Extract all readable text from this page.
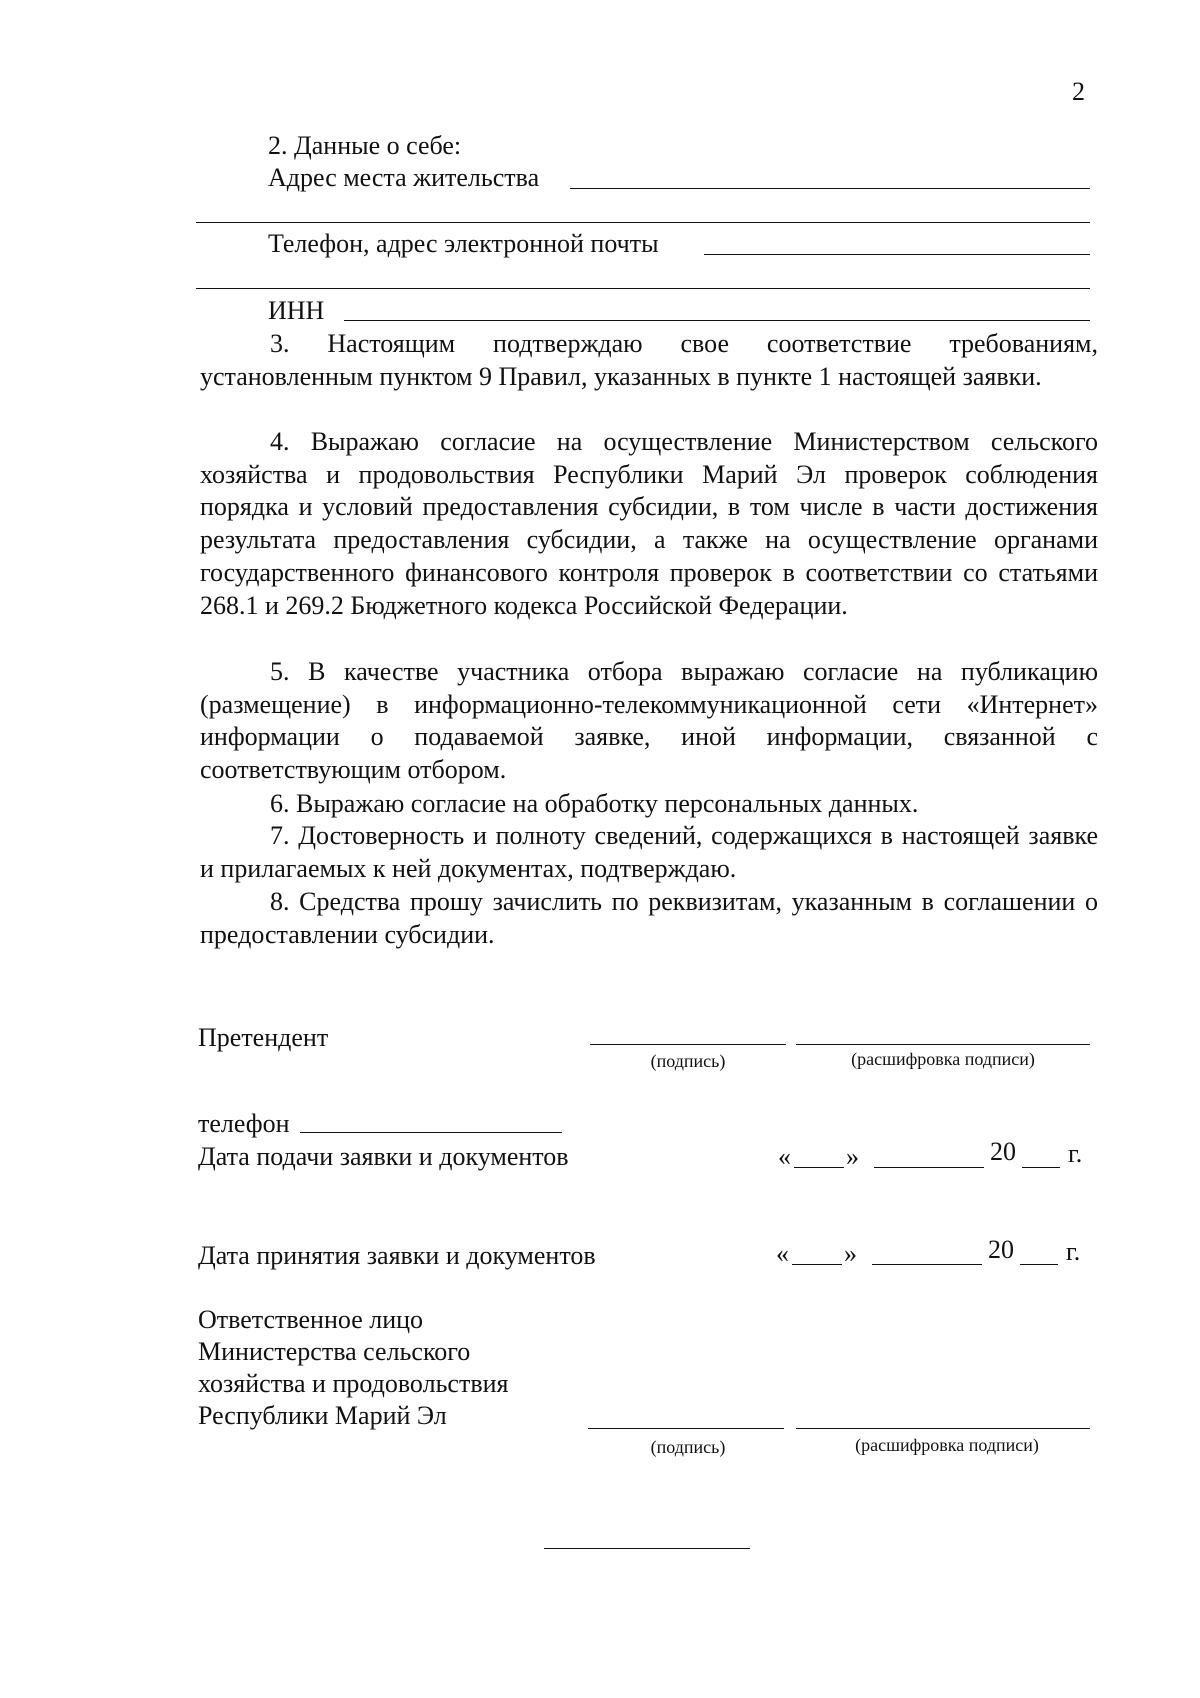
2
2. Данные о себе:
Адрес места жительства
Телефон, адрес электронной почты
ИНН
3. Настоящим подтверждаю свое соответствие требованиям, установленным пунктом 9 Правил, указанных в пункте 1 настоящей заявки.
4. Выражаю согласие на осуществление Министерством сельского хозяйства и продовольствия Республики Марий Эл проверок соблюдения порядка и условий предоставления субсидии, в том числе в части достижения результата предоставления субсидии, а также на осуществление органами государственного финансового контроля проверок в соответствии со статьями 268.1 и 269.2 Бюджетного кодекса Российской Федерации.
5. В качестве участника отбора выражаю согласие на публикацию (размещение) в информационно-телекоммуникационной сети «Интернет» информации о подаваемой заявке, иной информации, связанной с соответствующим отбором.
6. Выражаю согласие на обработку персональных данных.
7. Достоверность и полноту сведений, содержащихся в настоящей заявке и прилагаемых к ней документах, подтверждаю.
8. Средства прошу зачислить по реквизитам, указанным в соглашении о предоставлении субсидии.
Претендент
(подпись)	(расшифровка подписи)
телефон
Дата подачи заявки и документов	« »	20 г.
Дата принятия заявки и документов	« »	20 г.
Ответственное лицо
Министерства сельского
хозяйства и продовольствия
Республики Марий Эл
(подпись)	(расшифровка подписи)
